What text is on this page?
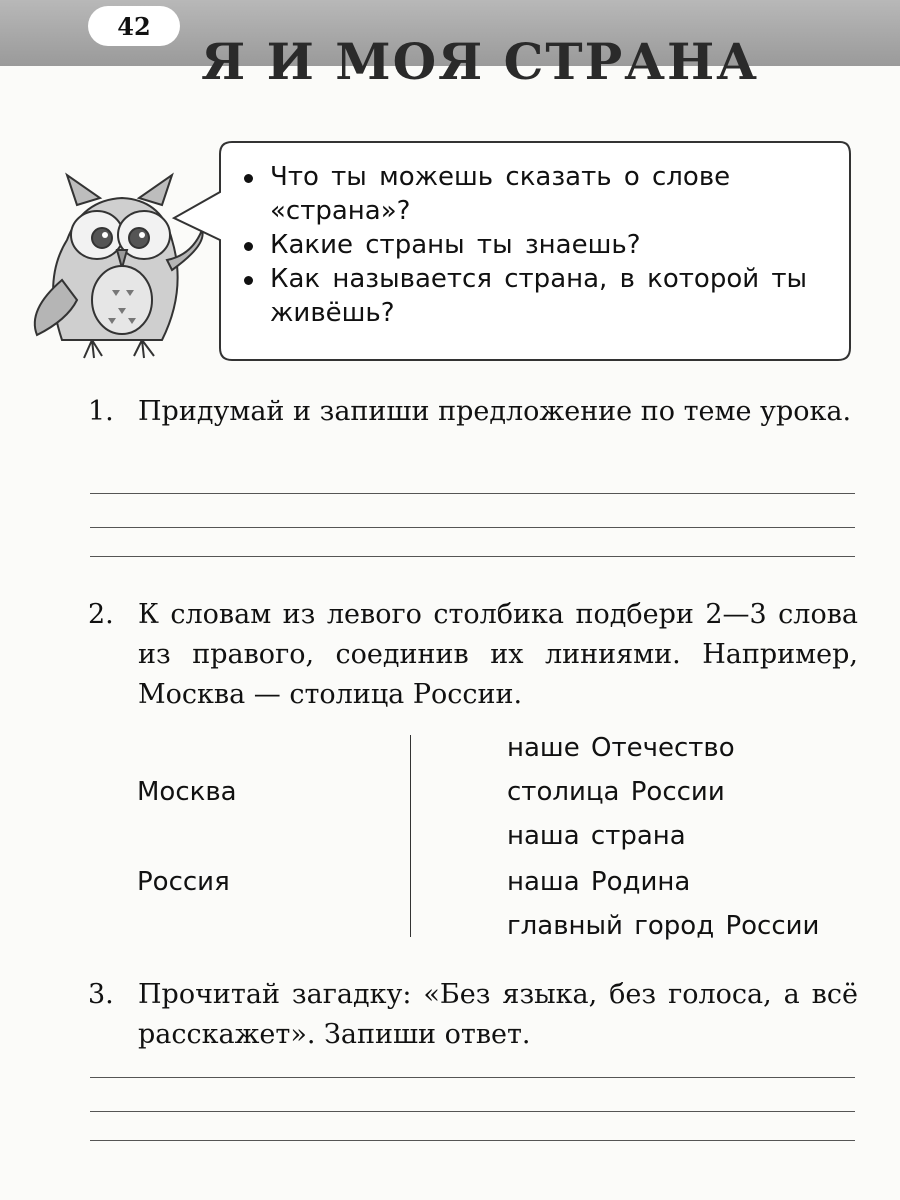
42
Я И МОЯ СТРАНА
Что ты можешь сказать о слове «страна»?
Какие страны ты знаешь?
Как называется страна, в которой ты живёшь?
1. Придумай и запиши предложение по теме урока.
2. К словам из левого столбика подбери 2—3 слова из правого, соединив их линиями. Например, Москва — столица России.
Москва
Россия
наше Отечество
столица России
наша страна
наша Родина
главный город России
3. Прочитай загадку: «Без языка, без голоса, а всё расскажет». Запиши ответ.
